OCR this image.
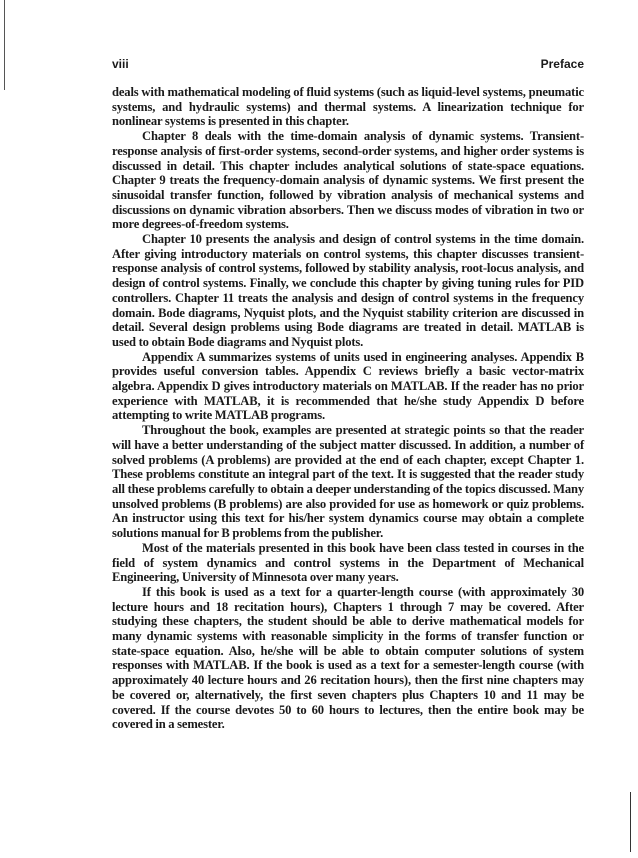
viii	Preface

deals with mathematical modeling of fluid systems (such as liquid-level systems, pneumatic systems, and hydraulic systems) and thermal systems. A linearization technique for nonlinear systems is presented in this chapter.

Chapter 8 deals with the time-domain analysis of dynamic systems. Transient-response analysis of first-order systems, second-order systems, and higher order systems is discussed in detail. This chapter includes analytical solutions of state-space equations. Chapter 9 treats the frequency-domain analysis of dynamic systems. We first present the sinusoidal transfer function, followed by vibration analysis of mechanical systems and discussions on dynamic vibration absorbers. Then we discuss modes of vibration in two or more degrees-of-freedom systems.

Chapter 10 presents the analysis and design of control systems in the time domain. After giving introductory materials on control systems, this chapter discusses transient-response analysis of control systems, followed by stability analysis, root-locus analysis, and design of control systems. Finally, we conclude this chapter by giving tuning rules for PID controllers. Chapter 11 treats the analysis and design of control systems in the frequency domain. Bode diagrams, Nyquist plots, and the Nyquist stability criterion are discussed in detail. Several design problems using Bode diagrams are treated in detail. MATLAB is used to obtain Bode diagrams and Nyquist plots.

Appendix A summarizes systems of units used in engineering analyses. Appendix B provides useful conversion tables. Appendix C reviews briefly a basic vector-matrix algebra. Appendix D gives introductory materials on MATLAB. If the reader has no prior experience with MATLAB, it is recommended that he/she study Appendix D before attempting to write MATLAB programs.

Throughout the book, examples are presented at strategic points so that the reader will have a better understanding of the subject matter discussed. In addition, a number of solved problems (A problems) are provided at the end of each chapter, except Chapter 1. These problems constitute an integral part of the text. It is suggested that the reader study all these problems carefully to obtain a deeper understanding of the topics discussed. Many unsolved problems (B problems) are also provided for use as homework or quiz problems. An instructor using this text for his/her system dynamics course may obtain a complete solutions manual for B problems from the publisher.

Most of the materials presented in this book have been class tested in courses in the field of system dynamics and control systems in the Department of Mechanical Engineering, University of Minnesota over many years.

If this book is used as a text for a quarter-length course (with approximately 30 lecture hours and 18 recitation hours), Chapters 1 through 7 may be covered. After studying these chapters, the student should be able to derive mathematical models for many dynamic systems with reasonable simplicity in the forms of transfer function or state-space equation. Also, he/she will be able to obtain computer solutions of system responses with MATLAB. If the book is used as a text for a semester-length course (with approximately 40 lecture hours and 26 recitation hours), then the first nine chapters may be covered or, alternatively, the first seven chapters plus Chapters 10 and 11 may be covered. If the course devotes 50 to 60 hours to lectures, then the entire book may be covered in a semester.
